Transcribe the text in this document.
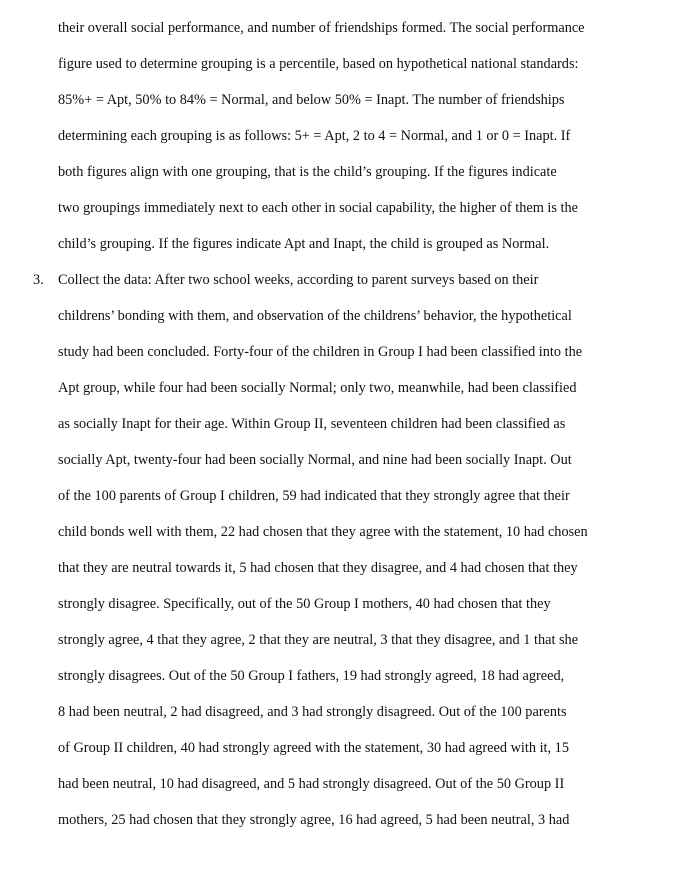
their overall social performance, and number of friendships formed. The social performance
figure used to determine grouping is a percentile, based on hypothetical national standards:
85%+ = Apt, 50% to 84% = Normal, and below 50% = Inapt. The number of friendships
determining each grouping is as follows: 5+ = Apt, 2 to 4 = Normal, and 1 or 0 = Inapt. If
both figures align with one grouping, that is the child’s grouping. If the figures indicate
two groupings immediately next to each other in social capability, the higher of them is the
child’s grouping. If the figures indicate Apt and Inapt, the child is grouped as Normal.
3. Collect the data: After two school weeks, according to parent surveys based on their
childrens’ bonding with them, and observation of the childrens’ behavior, the hypothetical
study had been concluded. Forty-four of the children in Group I had been classified into the
Apt group, while four had been socially Normal; only two, meanwhile, had been classified
as socially Inapt for their age. Within Group II, seventeen children had been classified as
socially Apt, twenty-four had been socially Normal, and nine had been socially Inapt. Out
of the 100 parents of Group I children, 59 had indicated that they strongly agree that their
child bonds well with them, 22 had chosen that they agree with the statement, 10 had chosen
that they are neutral towards it, 5 had chosen that they disagree, and 4 had chosen that they
strongly disagree. Specifically, out of the 50 Group I mothers, 40 had chosen that they
strongly agree, 4 that they agree, 2 that they are neutral, 3 that they disagree, and 1 that she
strongly disagrees. Out of the 50 Group I fathers, 19 had strongly agreed, 18 had agreed,
8 had been neutral, 2 had disagreed, and 3 had strongly disagreed. Out of the 100 parents
of Group II children, 40 had strongly agreed with the statement, 30 had agreed with it, 15
had been neutral, 10 had disagreed, and 5 had strongly disagreed. Out of the 50 Group II
mothers, 25 had chosen that they strongly agree, 16 had agreed, 5 had been neutral, 3 had
